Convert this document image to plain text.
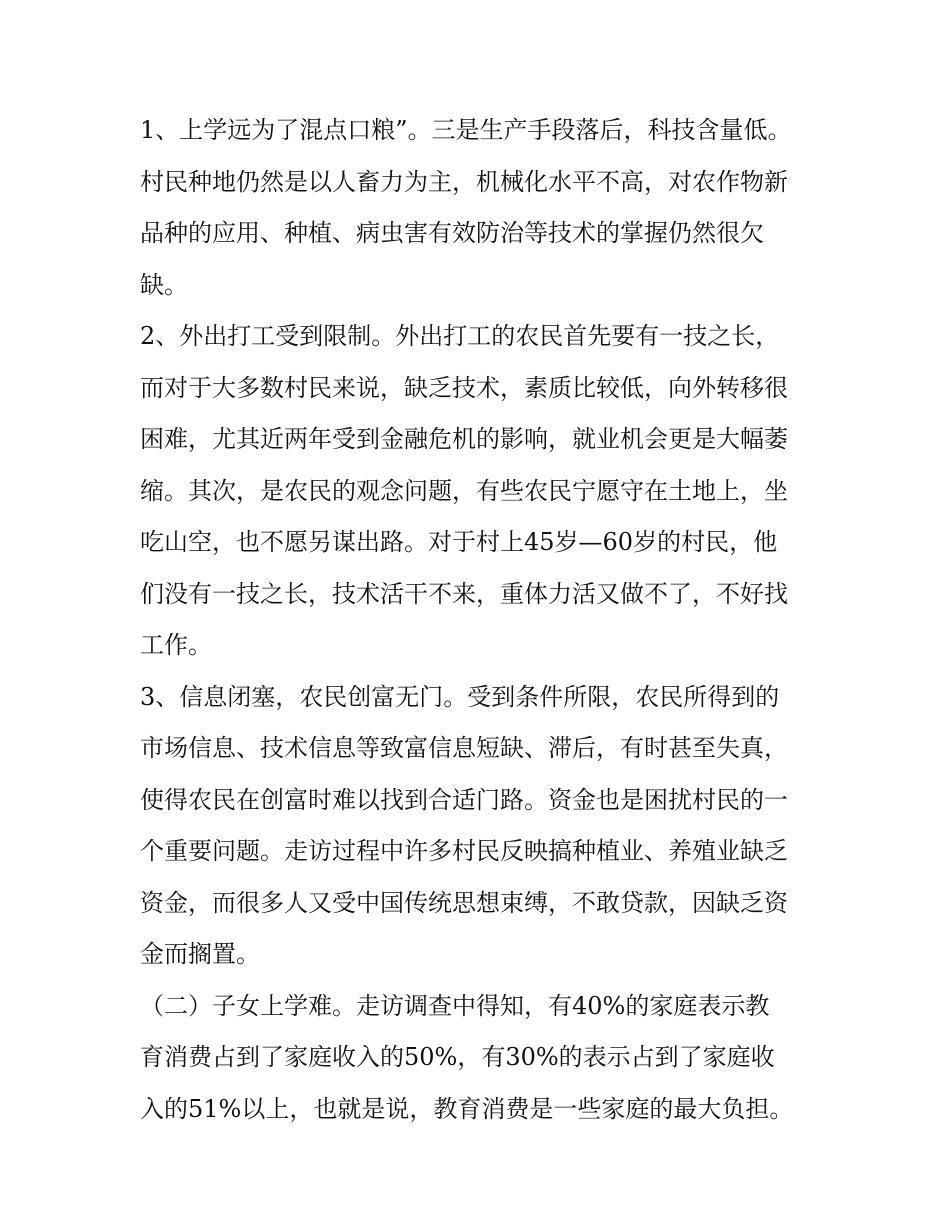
1、上学远为了混点口粮”。三是生产手段落后，科技含量低。
村民种地仍然是以人畜力为主，机械化水平不高，对农作物新
品种的应用、种植、病虫害有效防治等技术的掌握仍然很欠
缺。
2、外出打工受到限制。外出打工的农民首先要有一技之长，
而对于大多数村民来说，缺乏技术，素质比较低，向外转移很
困难，尤其近两年受到金融危机的影响，就业机会更是大幅萎
缩。其次，是农民的观念问题，有些农民宁愿守在土地上，坐
吃山空，也不愿另谋出路。对于村上45岁—60岁的村民，他
们没有一技之长，技术活干不来，重体力活又做不了，不好找
工作。
3、信息闭塞，农民创富无门。受到条件所限，农民所得到的
市场信息、技术信息等致富信息短缺、滞后，有时甚至失真，
使得农民在创富时难以找到合适门路。资金也是困扰村民的一
个重要问题。走访过程中许多村民反映搞种植业、养殖业缺乏
资金，而很多人又受中国传统思想束缚，不敢贷款，因缺乏资
金而搁置。
（二）子女上学难。走访调查中得知，有40%的家庭表示教
育消费占到了家庭收入的50%，有30%的表示占到了家庭收
入的51%以上，也就是说，教育消费是一些家庭的最大负担。
